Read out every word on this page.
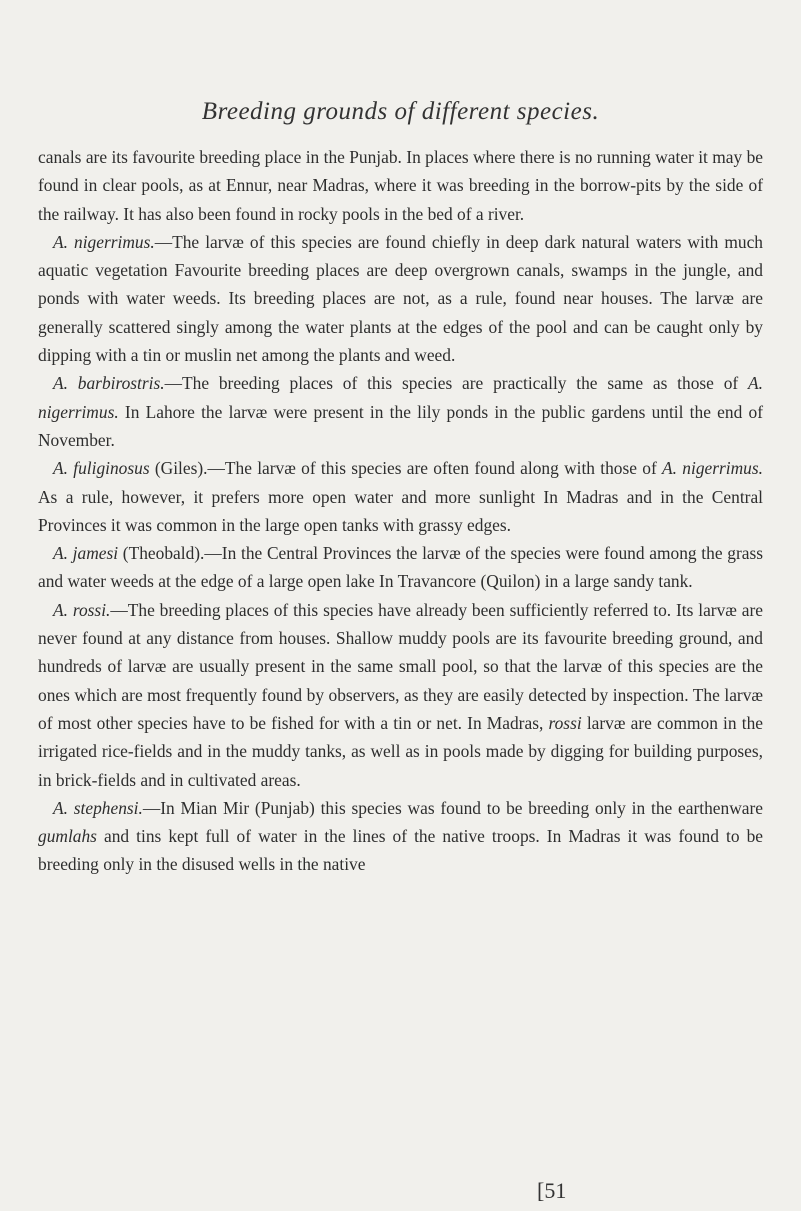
Breeding grounds of different species.

canals are its favourite breeding place in the Punjab. In places where there is no running water it may be found in clear pools, as at Ennur, near Madras, where it was breeding in the borrow-pits by the side of the railway. It has also been found in rocky pools in the bed of a river.

A. nigerrimus.—The larvæ of this species are found chiefly in deep dark natural waters with much aquatic vegetation Favourite breeding places are deep overgrown canals, swamps in the jungle, and ponds with water weeds. Its breeding places are not, as a rule, found near houses. The larvæ are generally scattered singly among the water plants at the edges of the pool and can be caught only by dipping with a tin or muslin net among the plants and weed.

A. barbirostris.—The breeding places of this species are practically the same as those of A. nigerrimus. In Lahore the larvæ were present in the lily ponds in the public gardens until the end of November.

A. fuliginosus (Giles).—The larvæ of this species are often found along with those of A. nigerrimus. As a rule, however, it prefers more open water and more sunlight In Madras and in the Central Provinces it was common in the large open tanks with grassy edges.

A. jamesi (Theobald).—In the Central Provinces the larvæ of the species were found among the grass and water weeds at the edge of a large open lake In Travancore (Quilon) in a large sandy tank.

A. rossi.—The breeding places of this species have already been sufficiently referred to. Its larvæ are never found at any distance from houses. Shallow muddy pools are its favourite breeding ground, and hundreds of larvæ are usually present in the same small pool, so that the larvæ of this species are the ones which are most frequently found by observers, as they are easily detected by inspection. The larvæ of most other species have to be fished for with a tin or net. In Madras, rossi larvæ are common in the irrigated rice-fields and in the muddy tanks, as well as in pools made by digging for building purposes, in brick-fields and in cultivated areas.

A. stephensi.—In Mian Mir (Punjab) this species was found to be breeding only in the earthenware gumlahs and tins kept full of water in the lines of the native troops. In Madras it was found to be breeding only in the disused wells in the native

[51
